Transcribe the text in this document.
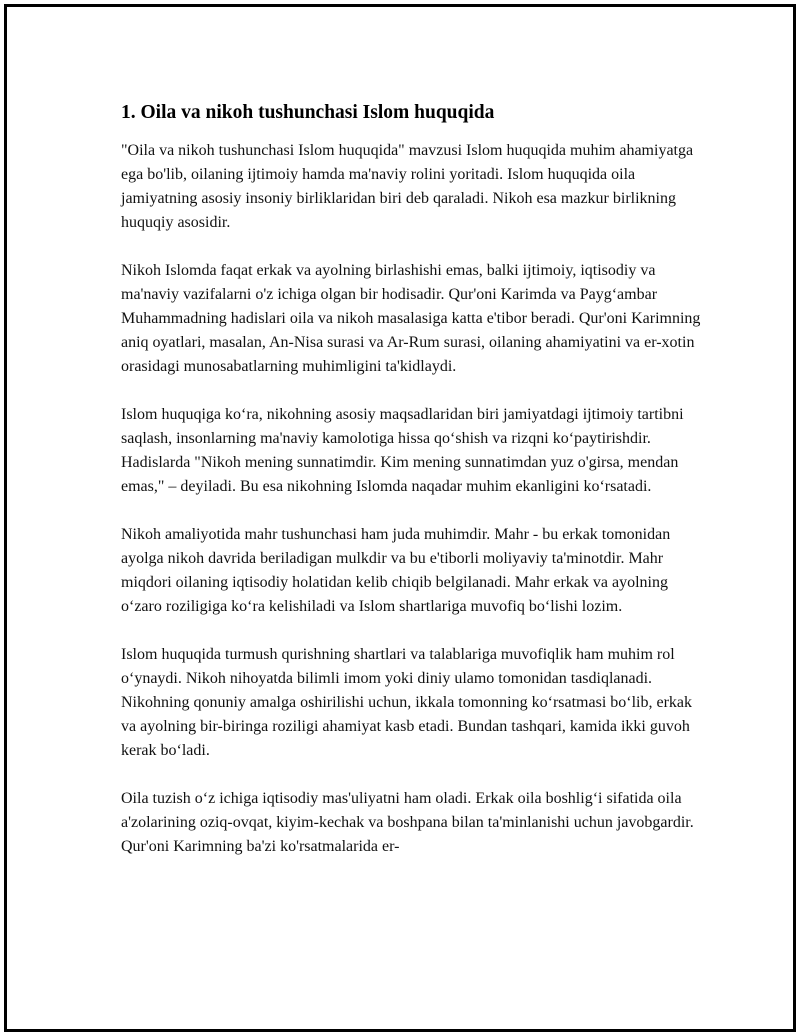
1. Oila va nikoh tushunchasi Islom huquqida

"Oila va nikoh tushunchasi Islom huquqida" mavzusi Islom huquqida muhim ahamiyatga ega bo'lib, oilaning ijtimoiy hamda ma'naviy rolini yoritadi. Islom huquqida oila jamiyatning asosiy insoniy birliklaridan biri deb qaraladi. Nikoh esa mazkur birlikning huquqiy asosidir.

Nikoh Islomda faqat erkak va ayolning birlashishi emas, balki ijtimoiy, iqtisodiy va ma'naviy vazifalarni o'z ichiga olgan bir hodisadir. Qur'oni Karimda va Payg‘ambar Muhammadning hadislari oila va nikoh masalasiga katta e'tibor beradi. Qur'oni Karimning aniq oyatlari, masalan, An-Nisa surasi va Ar-Rum surasi, oilaning ahamiyatini va er-xotin orasidagi munosabatlarning muhimligini ta'kidlaydi.

Islom huquqiga ko‘ra, nikohning asosiy maqsadlaridan biri jamiyatdagi ijtimoiy tartibni saqlash, insonlarning ma'naviy kamolotiga hissa qo‘shish va rizqni ko‘paytirishdir. Hadislarda "Nikoh mening sunnatimdir. Kim mening sunnatimdan yuz o'girsa, mendan emas," – deyiladi. Bu esa nikohning Islomda naqadar muhim ekanligini ko‘rsatadi.

Nikoh amaliyotida mahr tushunchasi ham juda muhimdir. Mahr - bu erkak tomonidan ayolga nikoh davrida beriladigan mulkdir va bu e'tiborli moliyaviy ta'minotdir. Mahr miqdori oilaning iqtisodiy holatidan kelib chiqib belgilanadi. Mahr erkak va ayolning o‘zaro roziligiga ko‘ra kelishiladi va Islom shartlariga muvofiq bo‘lishi lozim.

Islom huquqida turmush qurishning shartlari va talablariga muvofiqlik ham muhim rol o‘ynaydi. Nikoh nihoyatda bilimli imom yoki diniy ulamo tomonidan tasdiqlanadi. Nikohning qonuniy amalga oshirilishi uchun, ikkala tomonning ko‘rsatmasi bo‘lib, erkak va ayolning bir-biringa roziligi ahamiyat kasb etadi. Bundan tashqari, kamida ikki guvoh kerak bo‘ladi.

Oila tuzish o‘z ichiga iqtisodiy mas'uliyatni ham oladi. Erkak oila boshlig‘i sifatida oila a'zolarining oziq-ovqat, kiyim-kechak va boshpana bilan ta'minlanishi uchun javobgardir. Qur'oni Karimning ba'zi ko'rsatmalarida er-
